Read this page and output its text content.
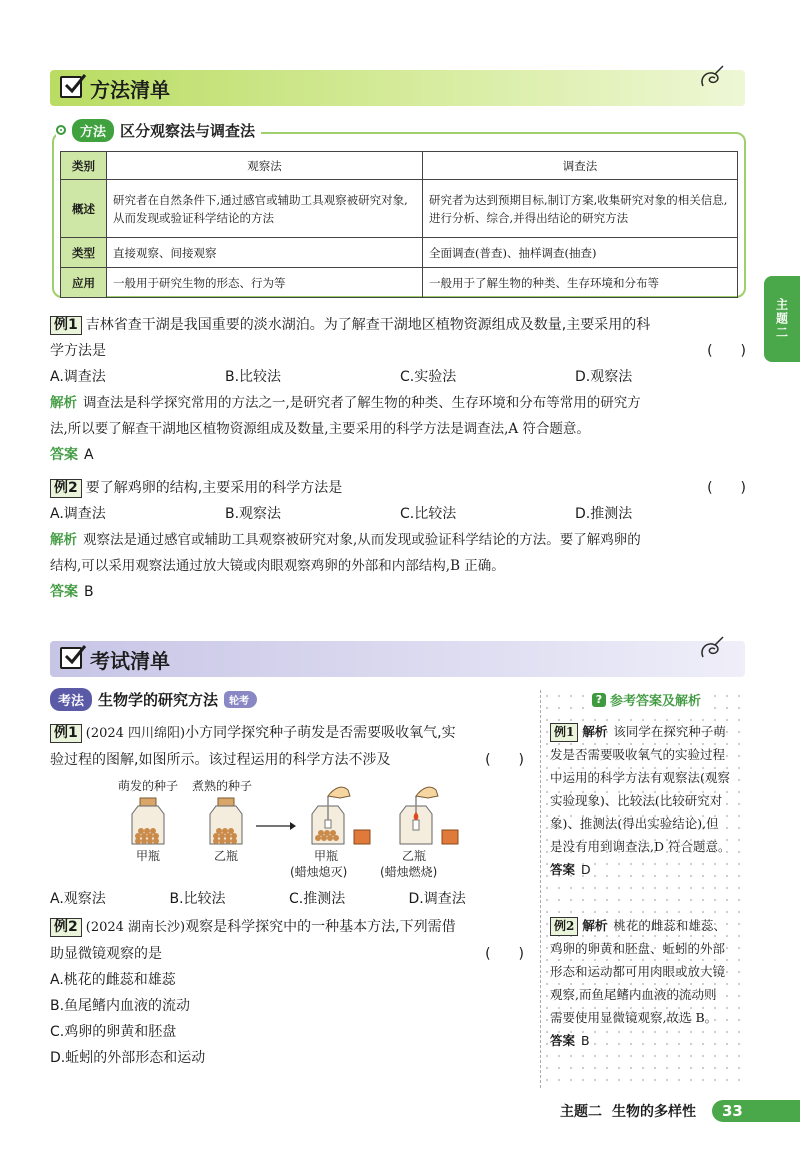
方法清单
方法 区分观察法与调查法
类别	观察法	调查法
概述	研究者在自然条件下,通过感官或辅助工具观察被研究对象,从而发现或验证科学结论的方法	研究者为达到预期目标,制订方案,收集研究对象的相关信息,进行分析、综合,并得出结论的研究方法
类型	直接观察、间接观察	全面调查(普查)、抽样调查(抽查)
应用	一般用于研究生物的形态、行为等	一般用于了解生物的种类、生存环境和分布等
例1 吉林省查干湖是我国重要的淡水湖泊。为了解查干湖地区植物资源组成及数量,主要采用的科
学方法是	(　　)
A.调查法	B.比较法	C.实验法	D.观察法
解析 调查法是科学探究常用的方法之一,是研究者了解生物的种类、生存环境和分布等常用的研究方
法,所以要了解查干湖地区植物资源组成及数量,主要采用的科学方法是调查法,A 符合题意。
答案 A
例2 要了解鸡卵的结构,主要采用的科学方法是	(　　)
A.调查法	B.观察法	C.比较法	D.推测法
解析 观察法是通过感官或辅助工具观察被研究对象,从而发现或验证科学结论的方法。要了解鸡卵的
结构,可以采用观察法通过放大镜或肉眼观察鸡卵的外部和内部结构,B 正确。
答案 B
考试清单
考法 生物学的研究方法	轮考	? 参考答案及解析
例1 解析 该同学在探究种子萌
发是否需要吸收氧气的实验过程
中运用的科学方法有观察法(观察
实验现象)、比较法(比较研究对
象)、推测法(得出实验结论),但
是没有用到调查法,D 符合题意。
答案 D
例2 解析 桃花的雌蕊和雄蕊、
鸡卵的卵黄和胚盘、蚯蚓的外部
形态和运动都可用肉眼或放大镜
观察,而鱼尾鳍内血液的流动则
需要使用显微镜观察,故选 B。
答案 B
例1 (2024 四川绵阳)小方同学探究种子萌发是否需要吸收氧气,实
验过程的图解,如图所示。该过程运用的科学方法不涉及	(　　)
萌发的种子 煮熟的种子
甲瓶	乙瓶	甲瓶
(蜡烛熄灭)
乙瓶
(蜡烛燃烧)
A.观察法	B.比较法	C.推测法	D.调查法
例2 (2024 湖南长沙)观察是科学探究中的一种基本方法,下列需借
助显微镜观察的是	(　　)
A.桃花的雌蕊和雄蕊
B.鱼尾鳍内血液的流动
C.鸡卵的卵黄和胚盘
D.蚯蚓的外部形态和运动
主题二
主题二 生物的多样性	33
